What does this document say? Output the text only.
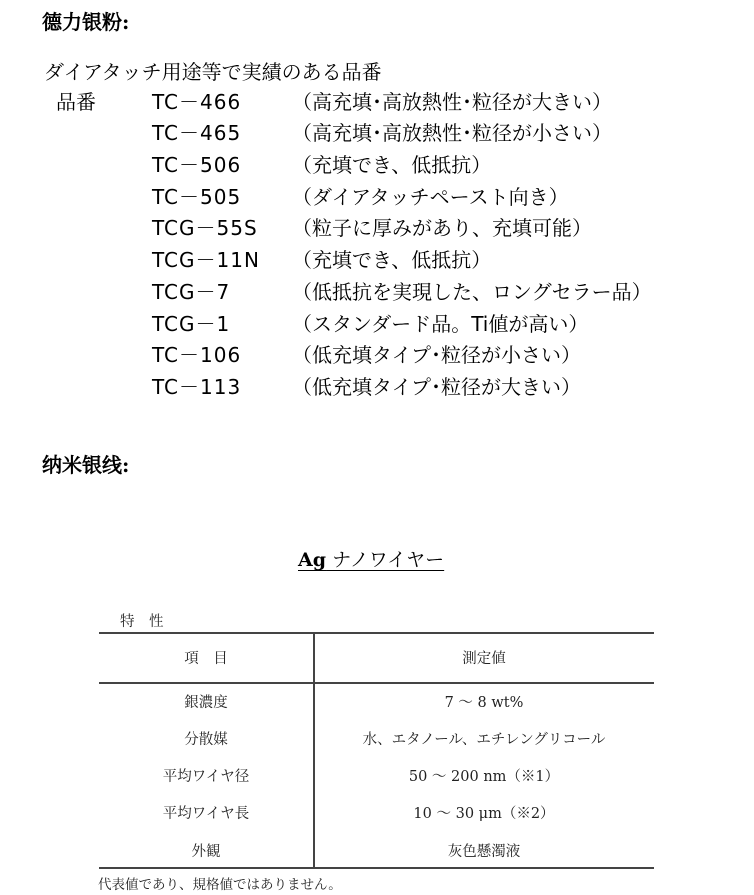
德力银粉:
ダイアタッチ用途等で実績のある品番
品番	TC－466	（高充填･高放熱性･粒径が大きい）
TC－465	（高充填･高放熱性･粒径が小さい）
TC－506	（充填でき、低抵抗）
TC－505	（ダイアタッチペースト向き）
TCG－55S （粒子に厚みがあり、充填可能）
TCG－11N （充填でき、低抵抗）
TCG－7	（低抵抗を実現した、ロングセラー品）
TCG－1	（スタンダード品。Ti値が高い）
TC－106	（低充填タイプ･粒径が小さい）
TC－113	（低充填タイプ･粒径が大きい）
纳米银线:
Ag ナノワイヤー
特　性
項　目	測定値
銀濃度	7 ～ 8 wt%
分散媒	水、エタノール、エチレングリコール
平均ワイヤ径	50 ～ 200 nm（※1）
平均ワイヤ長	10 ～ 30 μm（※2）
外観	灰色懸濁液
代表値であり、規格値ではありません。
